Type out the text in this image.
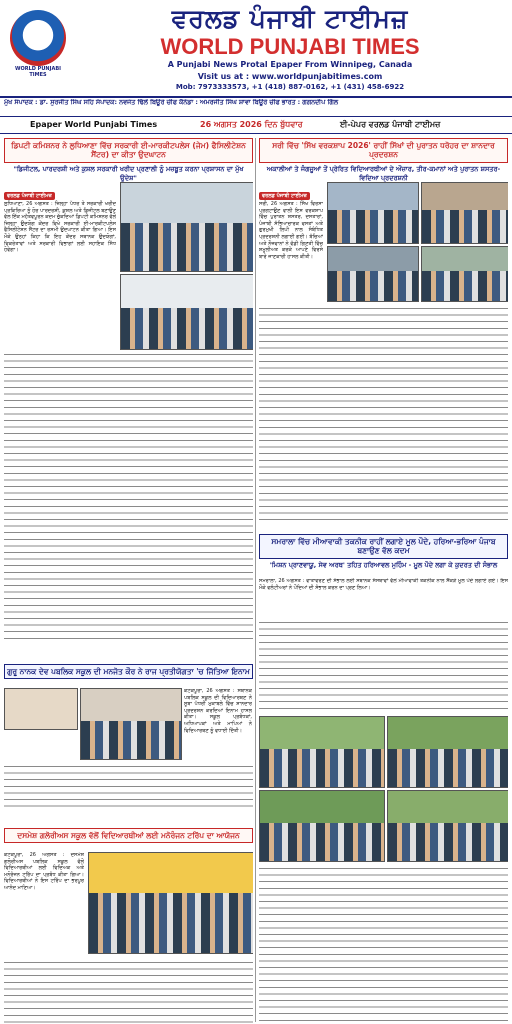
WORLD PUNJABI TIMES
ਵਰਲਡ ਪੰਜਾਬੀ ਟਾਈਮਜ਼
WORLD PUNJABI TIMES
A Punjabi News Protal Epaper From Winnipeg, Canada
Visit us at : www.worldpunjabitimes.com
Mob: 7973333573, +1 (418) 887-0162, +1 (431) 458-6922
ਮੁੱਖ ਸੰਪਾਦਕ : ਡਾ. ਸੁਰਜੀਤ ਸਿੰਘ ਸਹਿ ਸੰਪਾਦਕ: ਨਵਜੋਤ ਢਿੱਲੋਂ ਬਿਊਰੋ ਚੀਫ ਕੈਨੇਡਾ : ਅਮਰਜੀਤ ਸਿੰਘ ਸ਼ਾਵਾ ਬਿਊਰੋ ਚੀਫ ਭਾਰਤ : ਗਗਨਦੀਪ ਗਿੱਲ
Epaper World Punjabi Times	26 ਅਗਸਤ 2026 ਦਿਨ ਬੁੱਧਵਾਰ	ਈ-ਪੇਪਰ ਵਰਲਡ ਪੰਜਾਬੀ ਟਾਈਮਜ਼
ਡਿਪਟੀ ਕਮਿਸ਼ਨਰ ਨੇ ਲੁਧਿਆਣਾ ਵਿੱਚ ਸਰਕਾਰੀ ਈ-ਮਾਰਕੀਟਪਲੇਸ (ਜੇਮ) ਫੈਸਿਲੀਟੇਸ਼ਨ ਸੈਂਟਰ) ਦਾ ਕੀਤਾ ਉਦਘਾਟਨ
"ਡਿਜੀਟਲ, ਪਾਰਦਰਸ਼ੀ ਅਤੇ ਕੁਸ਼ਲ ਸਰਕਾਰੀ ਖਰੀਦ ਪ੍ਰਣਾਲੀ ਨੂੰ ਮਜ਼ਬੂਤ ਕਰਨਾ ਪ੍ਰਸ਼ਾਸਨ ਦਾ ਮੁੱਖ ਉਦੇਸ਼"
ਵਰਲਡ ਪੰਜਾਬੀ ਟਾਈਮਜ਼
ਲੁਧਿਆਣਾ, 26 ਅਗਸਤ : ਜ਼ਿਲ੍ਹਾ ਪੱਧਰ ਤੇ ਸਰਕਾਰੀ ਖਰੀਦ ਪ੍ਰਕਿਰਿਆ ਨੂੰ ਹੋਰ ਪਾਰਦਰਸ਼ੀ, ਕੁਸ਼ਲ ਅਤੇ ਡਿਜੀਟਲ ਬਣਾਉਣ ਵੱਲ ਇੱਕ ਮਹੱਤਵਪੂਰਨ ਕਦਮ ਚੁੱਕਦਿਆਂ ਡਿਪਟੀ ਕਮਿਸ਼ਨਰ ਵੱਲੋਂ ਜ਼ਿਲ੍ਹਾ ਉਦਯੋਗ ਕੇਂਦਰ ਵਿਖੇ ਸਰਕਾਰੀ ਈ-ਮਾਰਕੀਟਪਲੇਸ ਫੈਸਿਲੀਟੇਸ਼ਨ ਸੈਂਟਰ ਦਾ ਰਸਮੀ ਉਦਘਾਟਨ ਕੀਤਾ ਗਿਆ। ਇਸ ਮੌਕੇ ਉਨ੍ਹਾਂ ਕਿਹਾ ਕਿ ਇਹ ਕੇਂਦਰ ਸਥਾਨਕ ਉਦਯੋਗਾਂ, ਵਿਕਰੇਤਾਵਾਂ ਅਤੇ ਸਰਕਾਰੀ ਵਿਭਾਗਾਂ ਲਈ ਸਹਾਇਕ ਸਿੱਧ ਹੋਵੇਗਾ।
ਗੁਰੂ ਨਾਨਕ ਦੇਵ ਪਬਲਿਕ ਸਕੂਲ ਦੀ ਮਨਜੋਤ ਕੌਰ ਨੇ ਰਾਜ ਪ੍ਰਤੀਯੋਗਤਾ 'ਚ ਜਿੱਤਿਆ ਇਨਾਮ
ਕੋਟਕਪੂਰਾ, 26 ਅਗਸਤ : ਸਥਾਨਕ ਪਬਲਿਕ ਸਕੂਲ ਦੀ ਵਿਦਿਆਰਥਣ ਨੇ ਸੂਬਾ ਪੱਧਰੀ ਮੁਕਾਬਲੇ ਵਿੱਚ ਸ਼ਾਨਦਾਰ ਪ੍ਰਦਰਸ਼ਨ ਕਰਦਿਆਂ ਇਨਾਮ ਹਾਸਲ ਕੀਤਾ। ਸਕੂਲ ਪ੍ਰਬੰਧਕਾਂ, ਅਧਿਆਪਕਾਂ ਅਤੇ ਮਾਪਿਆਂ ਨੇ ਵਿਦਿਆਰਥਣ ਨੂੰ ਵਧਾਈ ਦਿੱਤੀ।
ਦਸਮੇਸ਼ ਗਲੋਰੀਅਸ ਸਕੂਲ ਵੱਲੋਂ ਵਿਦਿਆਰਥੀਆਂ ਲਈ ਮਨੋਰੰਜਨ ਟਰਿੱਪ ਦਾ ਆਯੋਜਨ
ਕੋਟਕਪੂਰਾ, 26 ਅਗਸਤ : ਦਸਮੇਸ਼ ਗਲੋਰੀਅਸ ਪਬਲਿਕ ਸਕੂਲ ਵੱਲੋਂ ਵਿਦਿਆਰਥੀਆਂ ਲਈ ਵਿਦਿਅਕ ਅਤੇ ਮਨੋਰੰਜਨ ਟਰਿੱਪ ਦਾ ਪ੍ਰਬੰਧ ਕੀਤਾ ਗਿਆ। ਵਿਦਿਆਰਥੀਆਂ ਨੇ ਇਸ ਟਰਿੱਪ ਦਾ ਭਰਪੂਰ ਆਨੰਦ ਮਾਣਿਆ।
ਸਰੀ ਵਿੱਚ 'ਸਿੱਖ ਵਰਕਸ਼ਾਪ 2026' ਰਾਹੀਂ ਸਿੱਖਾਂ ਦੀ ਪੁਰਾਤਨ ਧਰੋਹਰ ਦਾ ਸ਼ਾਨਦਾਰ ਪ੍ਰਦਰਸ਼ਨ
ਅਕਾਲੀਆਂ ਤੇ ਜੰਗਜੂਆਂ ਤੋਂ ਪ੍ਰੇਰਿਤ ਵਿਦਿਆਰਥੀਆਂ ਦੇ ਔਜ਼ਾਰ, ਤੀਰ-ਕਮਾਨਾਂ ਅਤੇ ਪੁਰਾਤਨ ਸ਼ਸਤਰ-ਵਿਦਿਆ ਪ੍ਰਦਰਸ਼ਨੀ
ਵਰਲਡ ਪੰਜਾਬੀ ਟਾਈਮਜ਼
ਸਰੀ, 26 ਅਗਸਤ : ਸਿੱਖ ਵਿਰਸਾ ਪ੍ਰਗਟਾਉਣ ਵਾਲੀ ਇਸ ਵਰਕਸ਼ਾਪ ਵਿੱਚ ਪੁਰਾਤਨ ਸ਼ਸਤਰ, ਦਸਤਾਰਾਂ, ਪੰਜਾਬੀ ਸੱਭਿਆਚਾਰਕ ਵਸਤਾਂ ਅਤੇ ਗੁਰਮੁਖੀ ਲਿਪੀ ਨਾਲ ਸੰਬੰਧਿਤ ਪ੍ਰਦਰਸ਼ਨੀ ਲਗਾਈ ਗਈ। ਬੱਚਿਆਂ ਅਤੇ ਨੌਜਵਾਨਾਂ ਨੇ ਵੱਡੀ ਗਿਣਤੀ ਵਿੱਚ ਸ਼ਮੂਲੀਅਤ ਕਰਕੇ ਆਪਣੇ ਵਿਰਸੇ ਬਾਰੇ ਜਾਣਕਾਰੀ ਹਾਸਲ ਕੀਤੀ।
ਸਮਰਾਲਾ ਵਿੱਚ ਮੀਆਵਾਕੀ ਤਕਨੀਕ ਰਾਹੀਂ ਲਗਾਏ ਮੂਲ ਪੌਦੇ, ਹਰਿਆ-ਭਰਿਆ ਪੰਜਾਬ ਬਣਾਉਣ ਵੱਲ ਕਦਮ
'ਮਿਸ਼ਨ ਪ੍ਰਾਣਵਾਯੂ, ਸੇਵ ਅਰਥ' ਤਹਿਤ ਹਰਿਆਵਲ ਮੁਹਿੰਮ - ਮੂਲ ਪੌਦੇ ਲਗਾ ਕੇ ਕੁਦਰਤ ਦੀ ਸੰਭਾਲ
ਸਮਰਾਲਾ, 26 ਅਗਸਤ : ਵਾਤਾਵਰਣ ਦੀ ਸੰਭਾਲ ਲਈ ਸਥਾਨਕ ਸੰਸਥਾਵਾਂ ਵੱਲੋਂ ਮੀਆਵਾਕੀ ਤਕਨੀਕ ਨਾਲ ਸੈਂਕੜੇ ਮੂਲ ਪੌਦੇ ਲਗਾਏ ਗਏ। ਇਸ ਮੌਕੇ ਵਲੰਟੀਅਰਾਂ ਨੇ ਪੌਦਿਆਂ ਦੀ ਸੰਭਾਲ ਕਰਨ ਦਾ ਪ੍ਰਣ ਲਿਆ।
